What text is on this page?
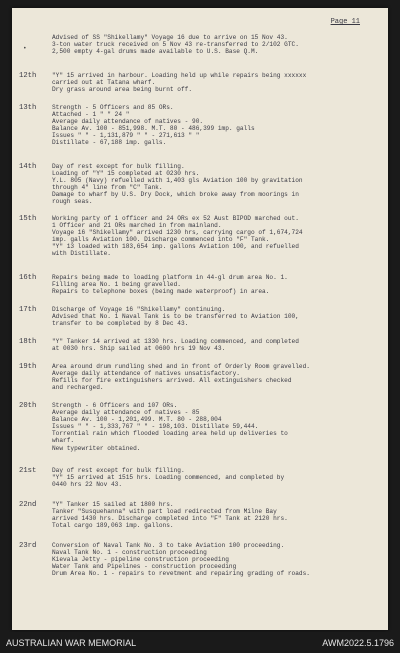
Page 11
•
Advised of SS "Shikellamy" Voyage 16 due to arrive on 15 Nov 43.
3-ton water truck received on 5 Nov 43 re-transferred to 2/102 GTC.
2,500 empty 4-gal drums made available to U.S. Base Q.M.
12th	"Y" 15 arrived in harbour. Loading held up while repairs being xxxxxx
carried out at Tatana wharf.
Dry grass around area being burnt off.
13th	Strength - 5 Officers and 85 ORs.
Attached - 1 " " 24 "
Average daily attendance of natives - 90.
Balance Av. 100 - 851,998. M.T. 80 - 486,399 imp. galls
Issues " " - 1,131,879 " " - 271,613 " "
Distillate - 67,188 imp. galls.
14th	Day of rest except for bulk filling.
Loading of "Y" 15 completed at 0230 hrs.
Y.L. 805 (Navy) refuelled with 1,403 gls Aviation 100 by gravitation
through 4" line from "C" Tank.
Damage to wharf by U.S. Dry Dock, which broke away from moorings in
rough seas.
15th	Working party of 1 officer and 24 ORs ex 52 Aust BIPOD marched out.
1 Officer and 21 ORs marched in from mainland.
Voyage 16 "Shikellamy" arrived 1230 hrs, carrying cargo of 1,674,724
imp. galls Aviation 100. Discharge commenced into "F" Tank.
"Y" 13 loaded with 183,654 imp. gallons Aviation 100, and refuelled
with Distillate.
16th	Repairs being made to loading platform in 44-gl drum area No. 1.
Filling area No. 1 being gravelled.
Repairs to telephone boxes (being made waterproof) in area.
17th	Discharge of Voyage 16 "Shikellamy" continuing.
Advised that No. 1 Naval Tank is to be transferred to Aviation 100,
transfer to be completed by 8 Dec 43.
18th	"Y" Tanker 14 arrived at 1330 hrs. Loading commenced, and completed
at 0030 hrs. Ship sailed at 0600 hrs 19 Nov 43.
19th	Area around drum rundling shed and in front of Orderly Room gravelled.
Average daily attendance of natives unsatisfactory.
Refills for fire extinguishers arrived. All extinguishers checked
and recharged.
20th	Strength - 6 Officers and 107 ORs.
Average daily attendance of natives - 85
Balance Av. 100 - 1,201,499. M.T. 80 - 288,004
Issues " " - 1,333,767 " " - 198,103. Distillate 59,444.
Torrential rain which flooded loading area held up deliveries to
wharf.
New typewriter obtained.
21st	Day of rest except for bulk filling.
"Y" 15 arrived at 1515 hrs. Loading commenced, and completed by
0440 hrs 22 Nov 43.
22nd	"Y" Tanker 15 sailed at 1800 hrs.
Tanker "Susquehanna" with part load redirected from Milne Bay
arrived 1430 hrs. Discharge completed into "F" Tank at 2120 hrs.
Total cargo 189,063 imp. gallons.
23rd	Conversion of Naval Tank No. 3 to take Aviation 100 proceeding.
Naval Tank No. 1 - construction proceeding
Kievala Jetty - pipeline construction proceeding
Water Tank and Pipelines - construction proceeding
Drum Area No. 1 - repairs to revetment and repairing grading of roads.
AUSTRALIAN WAR MEMORIAL	AWM2022.5.1796
